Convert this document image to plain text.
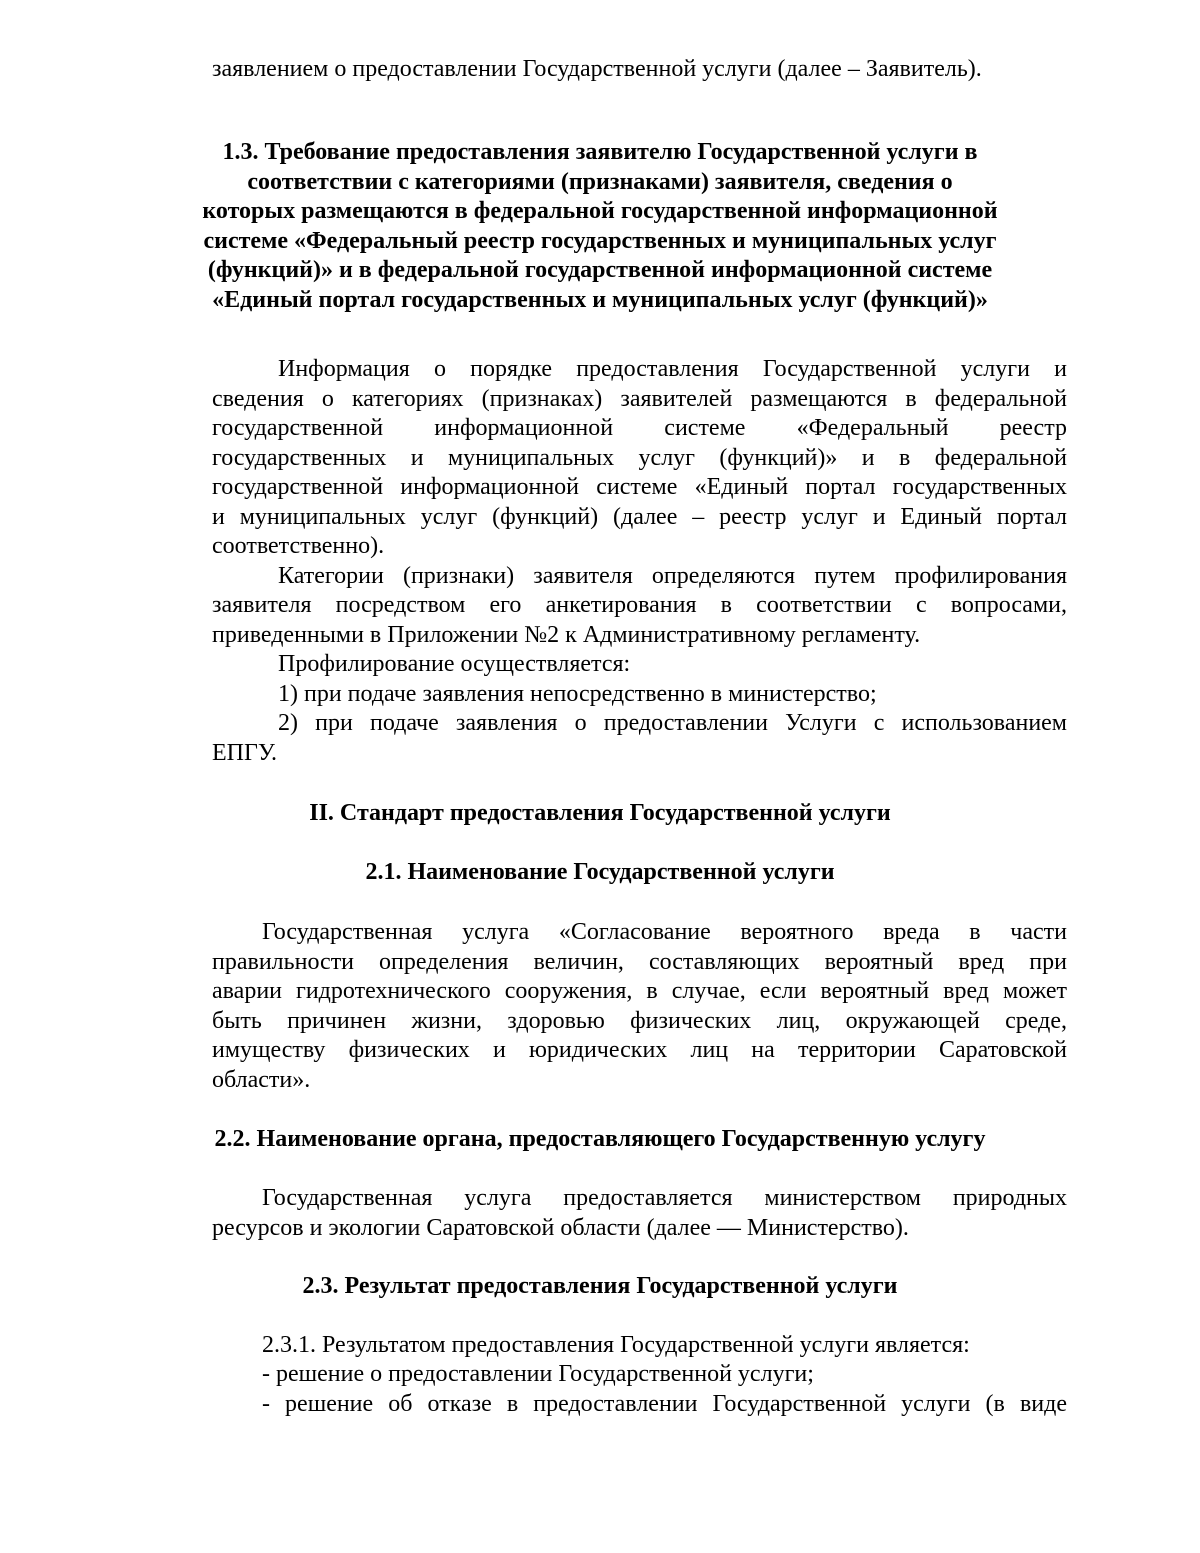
заявлением о предоставлении Государственной услуги (далее – Заявитель).
1.3. Требование предоставления заявителю Государственной услуги в
соответствии с категориями (признаками) заявителя, сведения о
которых размещаются в федеральной государственной информационной
системе «Федеральный реестр государственных и муниципальных услуг
(функций)» и в федеральной государственной информационной системе
«Единый портал государственных и муниципальных услуг (функций)»
Информация о порядке предоставления Государственной услуги и
сведения о категориях (признаках) заявителей размещаются в федеральной
государственной информационной системе «Федеральный реестр
государственных и муниципальных услуг (функций)» и в федеральной
государственной информационной системе «Единый портал государственных
и муниципальных услуг (функций) (далее – реестр услуг и Единый портал
соответственно).
Категории (признаки) заявителя определяются путем профилирования
заявителя посредством его анкетирования в соответствии с вопросами,
приведенными в Приложении №2 к Административному регламенту.
Профилирование осуществляется:
1) при подаче заявления непосредственно в министерство;
2) при подаче заявления о предоставлении Услуги с использованием
ЕПГУ.
II. Стандарт предоставления Государственной услуги
2.1. Наименование Государственной услуги
Государственная услуга «Согласование вероятного вреда в части
правильности определения величин, составляющих вероятный вред при
аварии гидротехнического сооружения, в случае, если вероятный вред может
быть причинен жизни, здоровью физических лиц, окружающей среде,
имуществу физических и юридических лиц на территории Саратовской
области».
2.2. Наименование органа, предоставляющего Государственную услугу
Государственная услуга предоставляется министерством природных
ресурсов и экологии Саратовской области (далее — Министерство).
2.3. Результат предоставления Государственной услуги
2.3.1. Результатом предоставления Государственной услуги является:
- решение о предоставлении Государственной услуги;
- решение об отказе в предоставлении Государственной услуги (в виде
